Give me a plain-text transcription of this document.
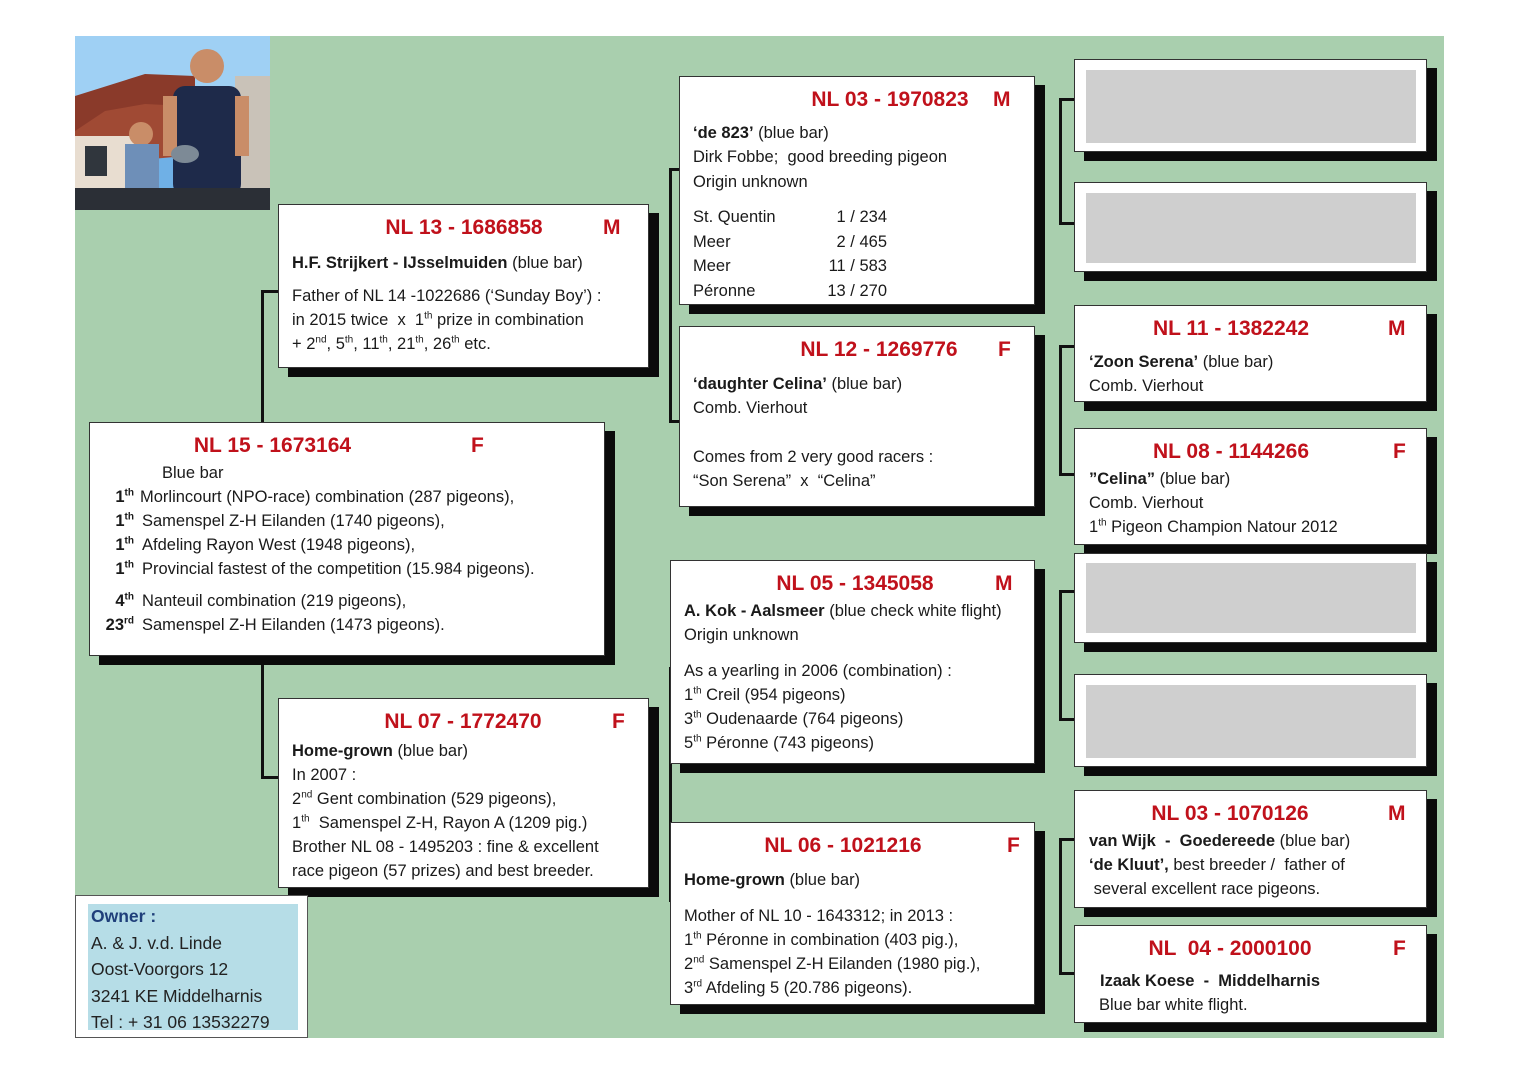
NL 15 - 1673164	F
Blue bar
1th Morlincourt (NPO-race) combination (287 pigeons),
1th Samenspel Z-H Eilanden (1740 pigeons),
1th Afdeling Rayon West (1948 pigeons),
1th Provincial fastest of the competition (15.984 pigeons).
4th Nanteuil combination (219 pigeons),
23rd Samenspel Z-H Eilanden (1473 pigeons).
NL 13 - 1686858	M
H.F. Strijkert - IJsselmuiden (blue bar)
Father of NL 14 -1022686 (‘Sunday Boy’) :
in 2015 twice  x  1th prize in combination
+ 2nd, 5th, 11th, 21th, 26th etc.
NL 07 - 1772470	F
Home-grown (blue bar)
In 2007 :
2nd Gent combination (529 pigeons),
1th  Samenspel Z-H, Rayon A (1209 pig.)
Brother NL 08 - 1495203 : fine & excellent
race pigeon (57 prizes) and best breeder.
NL 03 - 1970823	M
‘de 823’ (blue bar)
Dirk Fobbe;  good breeding pigeon
Origin unknown
St. Quentin	1 / 234
Meer	2 / 465
Meer	11 / 583
Péronne	13 / 270
NL 12 - 1269776	F
‘daughter Celina’ (blue bar)
Comb. Vierhout
Comes from 2 very good racers :
“Son Serena”  x  “Celina”
NL 05 - 1345058	M
A. Kok - Aalsmeer (blue check white flight)
Origin unknown
As a yearling in 2006 (combination) :
1th Creil (954 pigeons)
3th Oudenaarde (764 pigeons)
5th Péronne (743 pigeons)
NL 06 - 1021216	F
Home-grown (blue bar)
Mother of NL 10 - 1643312; in 2013 :
1th Péronne in combination (403 pig.),
2nd Samenspel Z-H Eilanden (1980 pig.),
3rd Afdeling 5 (20.786 pigeons).
NL 11 - 1382242	M
‘Zoon Serena’ (blue bar)
Comb. Vierhout
NL 08 - 1144266	F
”Celina” (blue bar)
Comb. Vierhout
1th Pigeon Champion Natour 2012
NL 03 - 1070126	M
van Wijk  -  Goedereede (blue bar)
‘de Kluut’, best breeder /  father of
several excellent race pigeons.
NL  04 - 2000100	F
Izaak Koese  -  Middelharnis
Blue bar white flight.
Owner :
A. & J. v.d. Linde
Oost-Voorgors 12
3241 KE Middelharnis
Tel : + 31 06 13532279
